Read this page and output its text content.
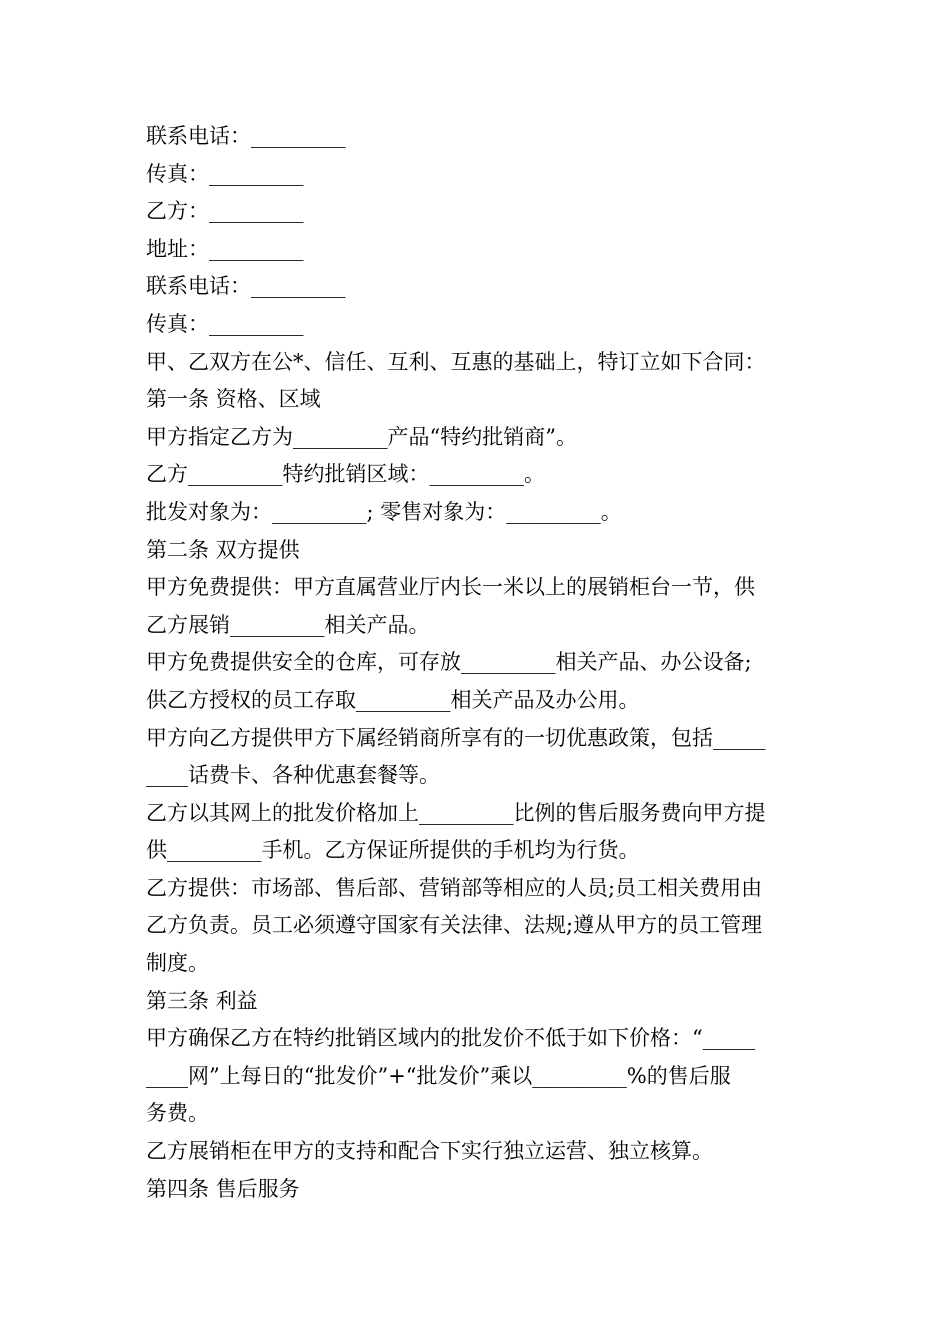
联系电话：_________
传真：_________
乙方：_________
地址：_________
联系电话：_________
传真：_________
甲、乙双方在公*、信任、互利、互惠的基础上，特订立如下合同：
第一条 资格、区域
甲方指定乙方为_________产品“特约批销商”。
乙方_________特约批销区域：_________。
批发对象为：_________; 零售对象为：_________。
第二条 双方提供
甲方免费提供：甲方直属营业厅内长一米以上的展销柜台一节，供
乙方展销_________相关产品。
甲方免费提供安全的仓库，可存放_________相关产品、办公设备;
供乙方授权的员工存取_________相关产品及办公用。
甲方向乙方提供甲方下属经销商所享有的一切优惠政策，包括_____
____话费卡、各种优惠套餐等。
乙方以其网上的批发价格加上_________比例的售后服务费向甲方提
供_________手机。乙方保证所提供的手机均为行货。
乙方提供：市场部、售后部、营销部等相应的人员;员工相关费用由
乙方负责。员工必须遵守国家有关法律、法规;遵从甲方的员工管理
制度。
第三条 利益
甲方确保乙方在特约批销区域内的批发价不低于如下价格：“_____
____网”上每日的“批发价”+“批发价”乘以_________%的售后服
务费。
乙方展销柜在甲方的支持和配合下实行独立运营、独立核算。
第四条 售后服务
